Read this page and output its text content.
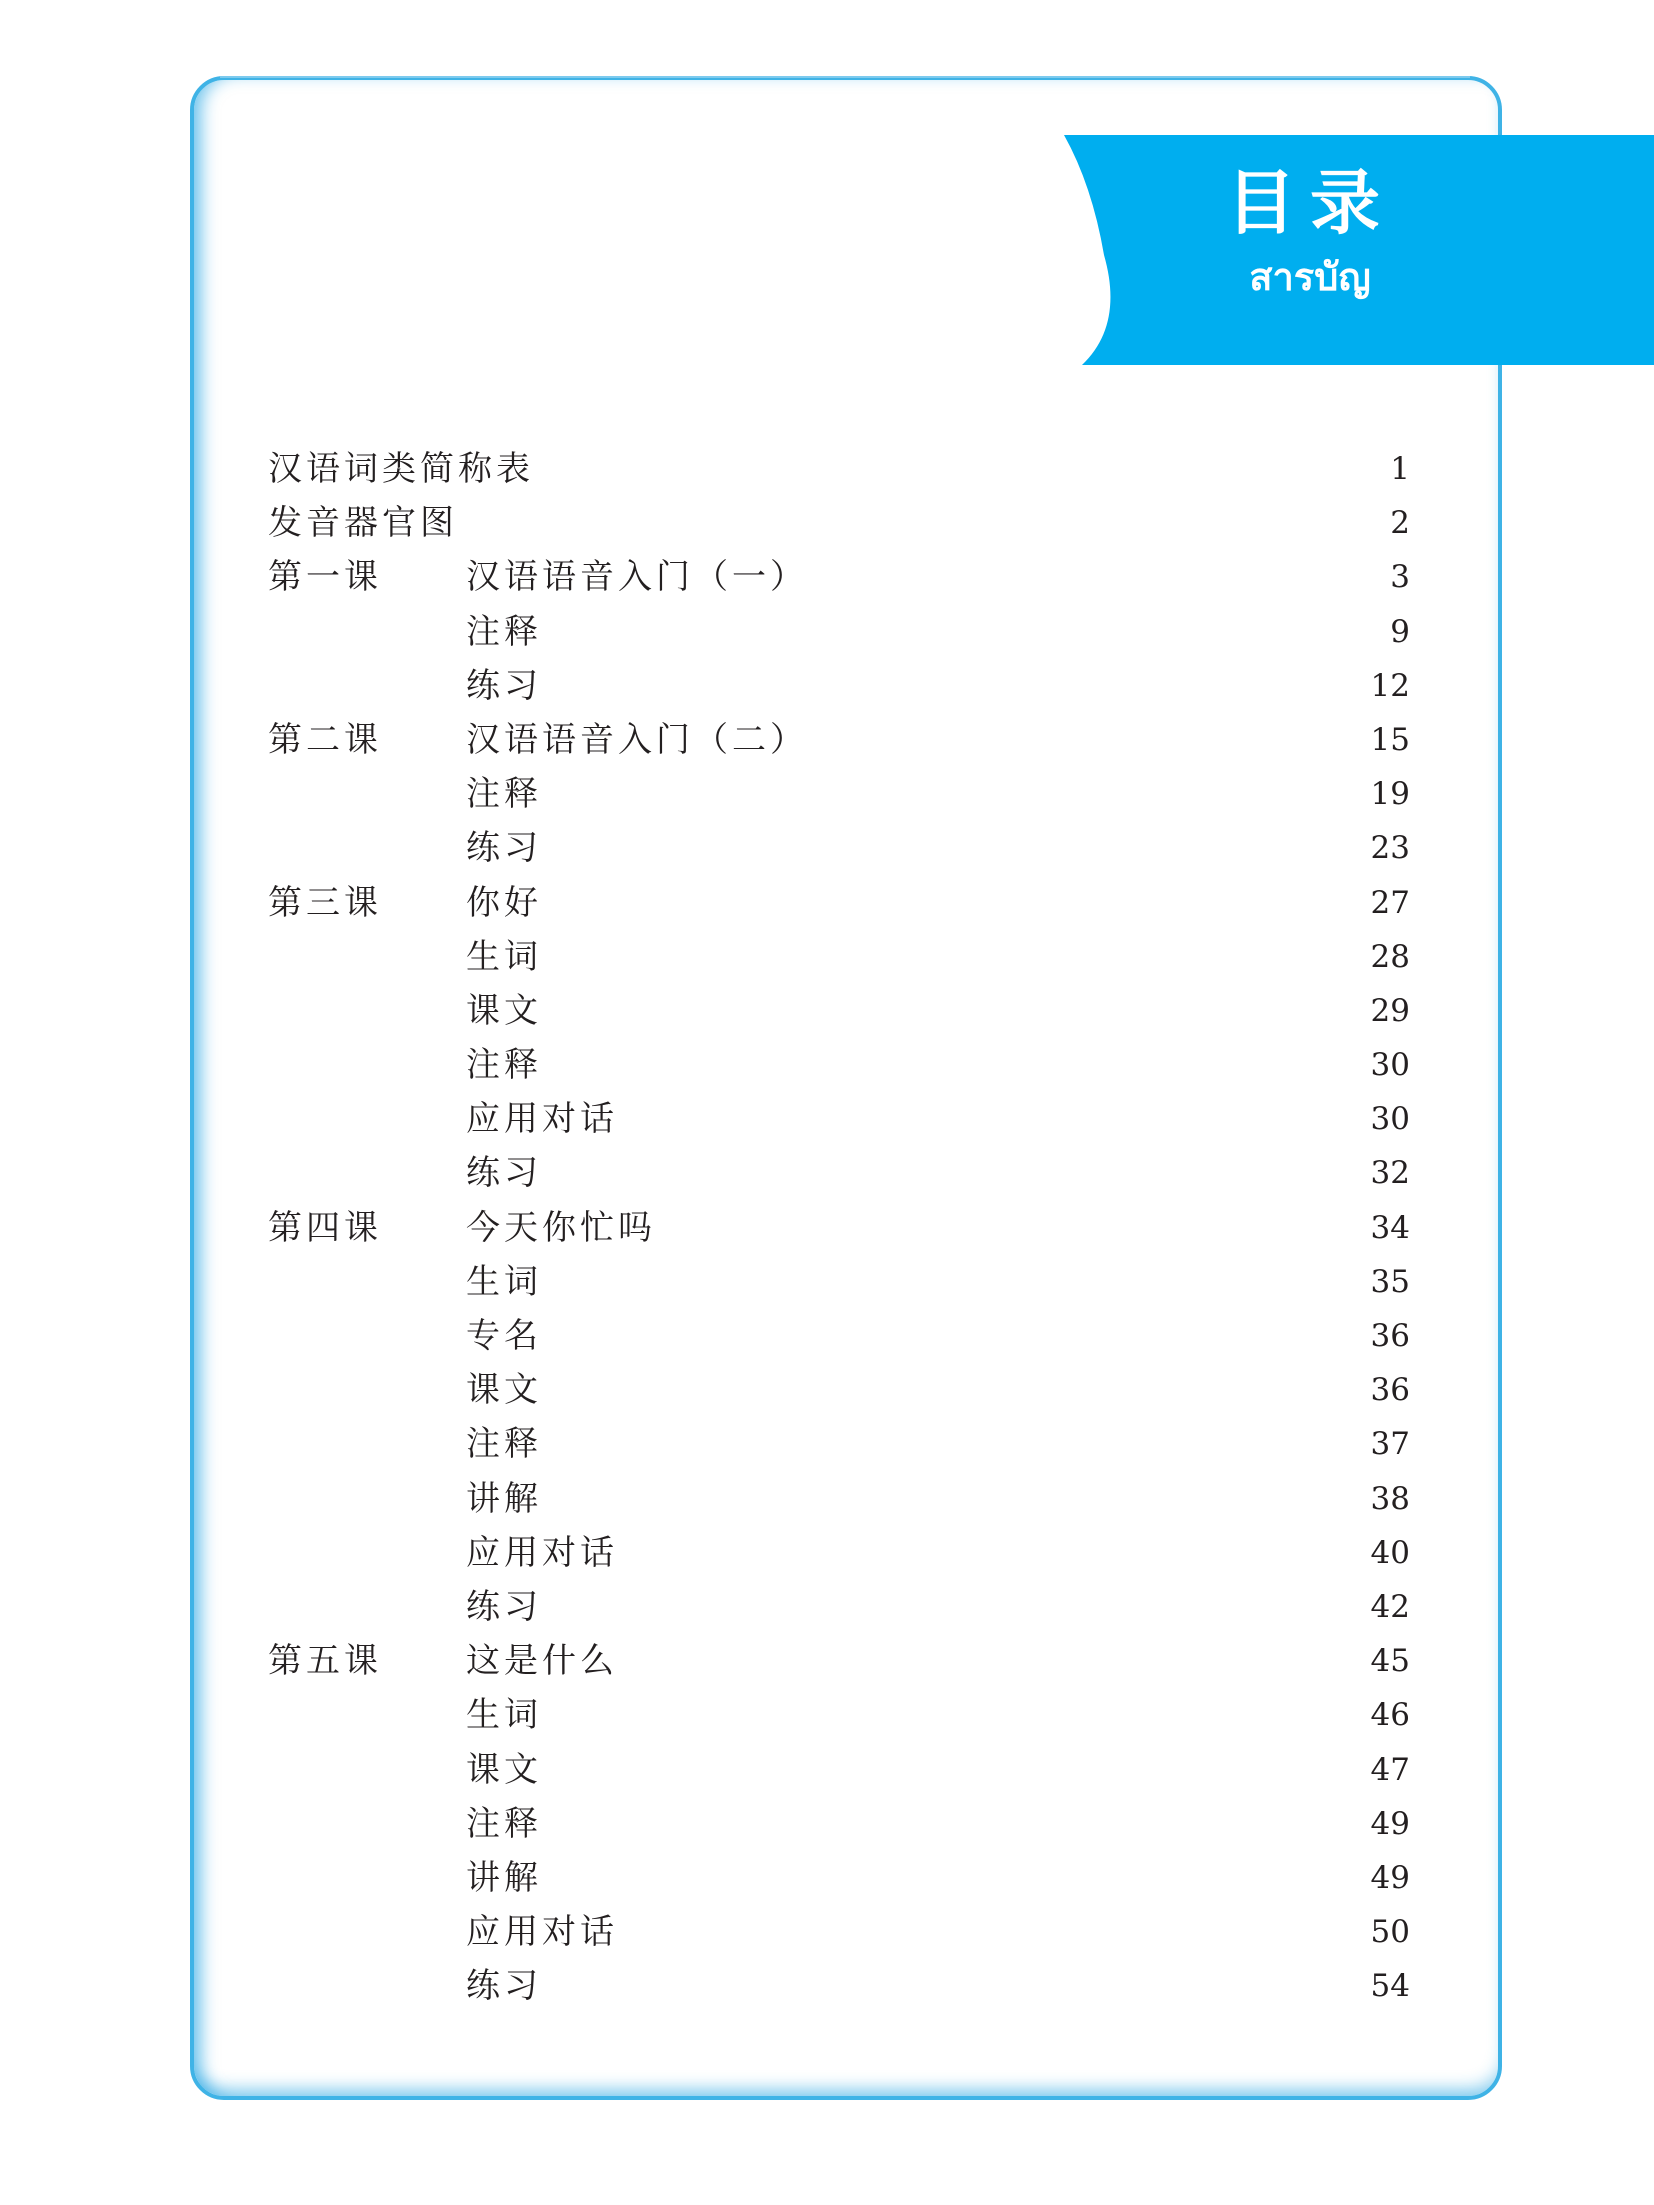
目录
สารบัญ
汉语词类简称表	1
发音器官图	2
第一课 汉语语音入门（一）	3
注释	9
练习	12
第二课 汉语语音入门（二）	15
注释	19
练习	23
第三课 你好	27
生词	28
课文	29
注释	30
应用对话	30
练习	32
第四课 今天你忙吗	34
生词	35
专名	36
课文	36
注释	37
讲解	38
应用对话	40
练习	42
第五课 这是什么	45
生词	46
课文	47
注释	49
讲解	49
应用对话	50
练习	54
